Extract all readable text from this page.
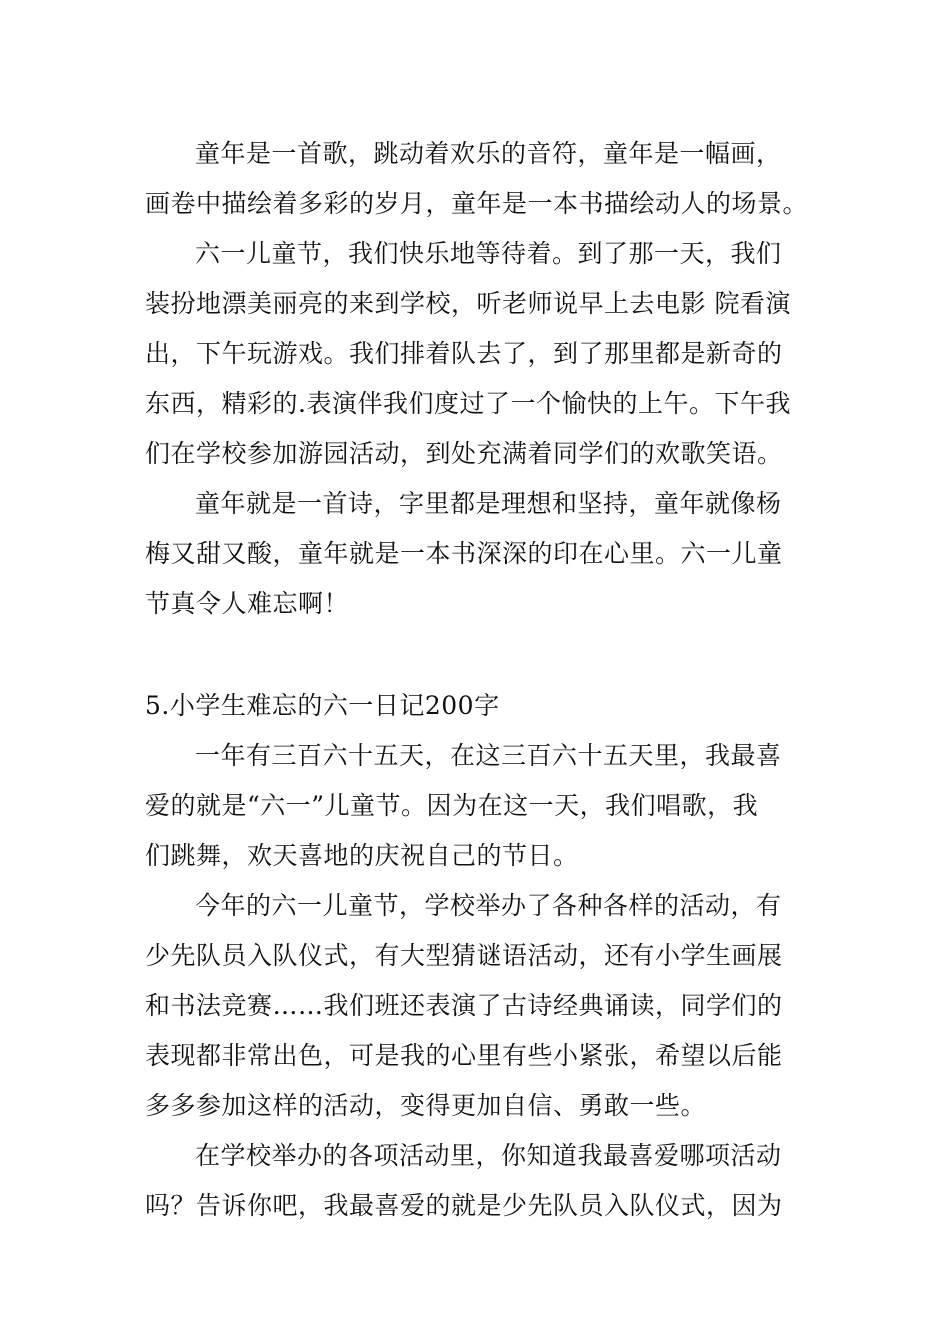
童年是一首歌，跳动着欢乐的音符，童年是一幅画，
画卷中描绘着多彩的岁月，童年是一本书描绘动人的场景。

六一儿童节，我们快乐地等待着。到了那一天，我们
装扮地漂美丽亮的来到学校，听老师说早上去电影 院看演
出，下午玩游戏。我们排着队去了，到了那里都是新奇的
东西，精彩的.表演伴我们度过了一个愉快的上午。下午我
们在学校参加游园活动，到处充满着同学们的欢歌笑语。

童年就是一首诗，字里都是理想和坚持，童年就像杨
梅又甜又酸，童年就是一本书深深的印在心里。六一儿童
节真令人难忘啊！

5.小学生难忘的六一日记200字

一年有三百六十五天，在这三百六十五天里，我最喜
爱的就是“六一”儿童节。因为在这一天，我们唱歌，我
们跳舞，欢天喜地的庆祝自己的节日。

今年的六一儿童节，学校举办了各种各样的活动，有
少先队员入队仪式，有大型猜谜语活动，还有小学生画展
和书法竞赛……我们班还表演了古诗经典诵读，同学们的
表现都非常出色，可是我的心里有些小紧张，希望以后能
多多参加这样的活动，变得更加自信、勇敢一些。

在学校举办的各项活动里，你知道我最喜爱哪项活动
吗？告诉你吧，我最喜爱的就是少先队员入队仪式，因为
